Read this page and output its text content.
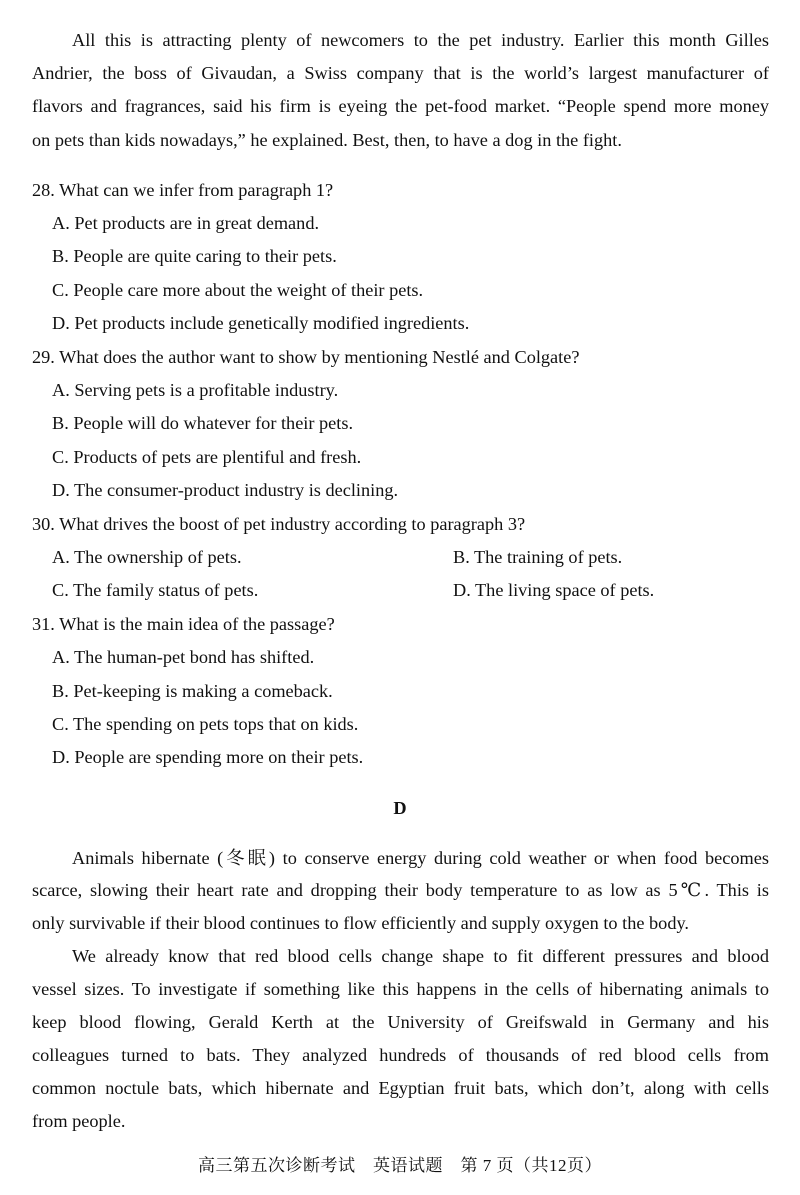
All this is attracting plenty of newcomers to the pet industry. Earlier this month Gilles
Andrier, the boss of Givaudan, a Swiss company that is the world’s largest manufacturer of
flavors and fragrances, said his firm is eyeing the pet-food market. “People spend more money
on pets than kids nowadays,” he explained. Best, then, to have a dog in the fight.
28. What can we infer from paragraph 1?
A. Pet products are in great demand.
B. People are quite caring to their pets.
C. People care more about the weight of their pets.
D. Pet products include genetically modified ingredients.
29. What does the author want to show by mentioning Nestlé and Colgate?
A. Serving pets is a profitable industry.
B. People will do whatever for their pets.
C. Products of pets are plentiful and fresh.
D. The consumer-product industry is declining.
30. What drives the boost of pet industry according to paragraph 3?
A. The ownership of pets.	B. The training of pets.
C. The family status of pets.	D. The living space of pets.
31. What is the main idea of the passage?
A. The human-pet bond has shifted.
B. Pet-keeping is making a comeback.
C. The spending on pets tops that on kids.
D. People are spending more on their pets.
D
Animals hibernate (冬眠) to conserve energy during cold weather or when food becomes
scarce, slowing their heart rate and dropping their body temperature to as low as 5℃. This is
only survivable if their blood continues to flow efficiently and supply oxygen to the body.
We already know that red blood cells change shape to fit different pressures and blood
vessel sizes. To investigate if something like this happens in the cells of hibernating animals to
keep blood flowing, Gerald Kerth at the University of Greifswald in Germany and his
colleagues turned to bats. They analyzed hundreds of thousands of red blood cells from
common noctule bats, which hibernate and Egyptian fruit bats, which don’t, along with cells
from people.
高三第五次诊断考试　英语试题　第 7 页（共12页）
